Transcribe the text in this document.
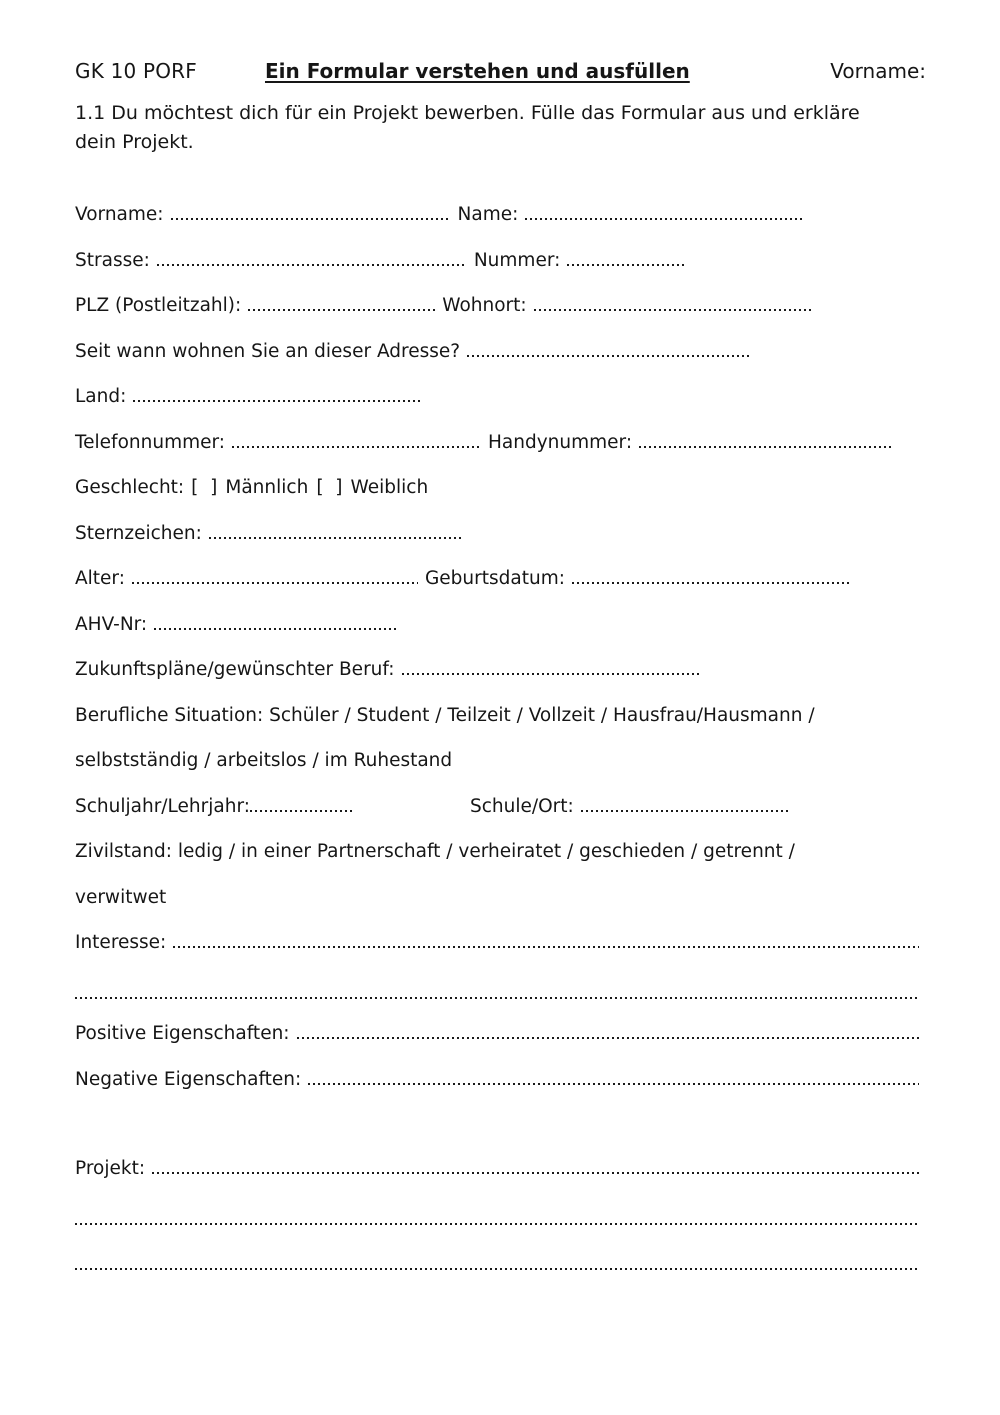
GK 10 PORF	Ein Formular verstehen und ausfüllen	Vorname:
1.1 Du möchtest dich für ein Projekt bewerben. Fülle das Formular aus und erkläre
dein Projekt.
Vorname:	Name:
Strasse:	Nummer:
PLZ (Postleitzahl):	Wohnort:
Seit wann wohnen Sie an dieser Adresse?
Land:
Telefonnummer:	Handynummer:
Geschlecht: [  ] Männlich [  ] Weiblich
Sternzeichen:
Alter:	Geburtsdatum:
AHV-Nr:
Zukunftspläne/gewünschter Beruf:
Berufliche Situation: Schüler / Student / Teilzeit / Vollzeit / Hausfrau/Hausmann /
selbstständig / arbeitslos / im Ruhestand
Schuljahr/Lehrjahr:	Schule/Ort:
Zivilstand: ledig / in einer Partnerschaft / verheiratet / geschieden / getrennt /
verwitwet
Interesse:
Positive Eigenschaften:
Negative Eigenschaften:
Projekt:
